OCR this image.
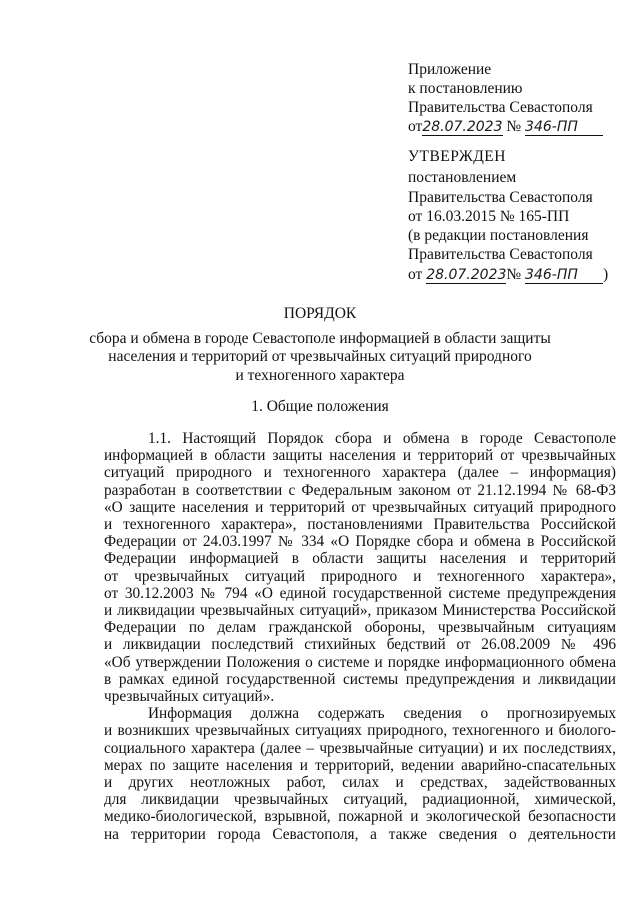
Приложение
к постановлению
Правительства Севастополя
от28.07.2023 № 346-ПП
УТВЕРЖДЕН
постановлением
Правительства Севастополя
от 16.03.2015 № 165-ПП
(в редакции постановления
Правительства Севастополя
от 28.07.2023№ 346-ПП )
ПОРЯДОК
сбора и обмена в городе Севастополе информацией в области защиты
населения и территорий от чрезвычайных ситуаций природного
и техногенного характера
1. Общие положения

1.1. Настоящий Порядок сбора и обмена в городе Севастополе
информацией в области защиты населения и территорий от чрезвычайных
ситуаций природного и техногенного характера (далее – информация)
разработан в соответствии с Федеральным законом от 21.12.1994 № 68-ФЗ
«О защите населения и территорий от чрезвычайных ситуаций природного
и техногенного характера», постановлениями Правительства Российской
Федерации от 24.03.1997 № 334 «О Порядке сбора и обмена в Российской
Федерации информацией в области защиты населения и территорий
от чрезвычайных ситуаций природного и техногенного характера»,
от 30.12.2003 № 794 «О единой государственной системе предупреждения
и ликвидации чрезвычайных ситуаций», приказом Министерства Российской
Федерации по делам гражданской обороны, чрезвычайным ситуациям
и ликвидации последствий стихийных бедствий от 26.08.2009 № 496
«Об утверждении Положения о системе и порядке информационного обмена
в рамках единой государственной системы предупреждения и ликвидации
чрезвычайных ситуаций».

Информация должна содержать сведения о прогнозируемых
и возникших чрезвычайных ситуациях природного, техногенного и биолого-
социального характера (далее – чрезвычайные ситуации) и их последствиях,
мерах по защите населения и территорий, ведении аварийно-спасательных
и других неотложных работ, силах и средствах, задействованных
для ликвидации чрезвычайных ситуаций, радиационной, химической,
медико-биологической, взрывной, пожарной и экологической безопасности
на территории города Севастополя, а также сведения о деятельности
